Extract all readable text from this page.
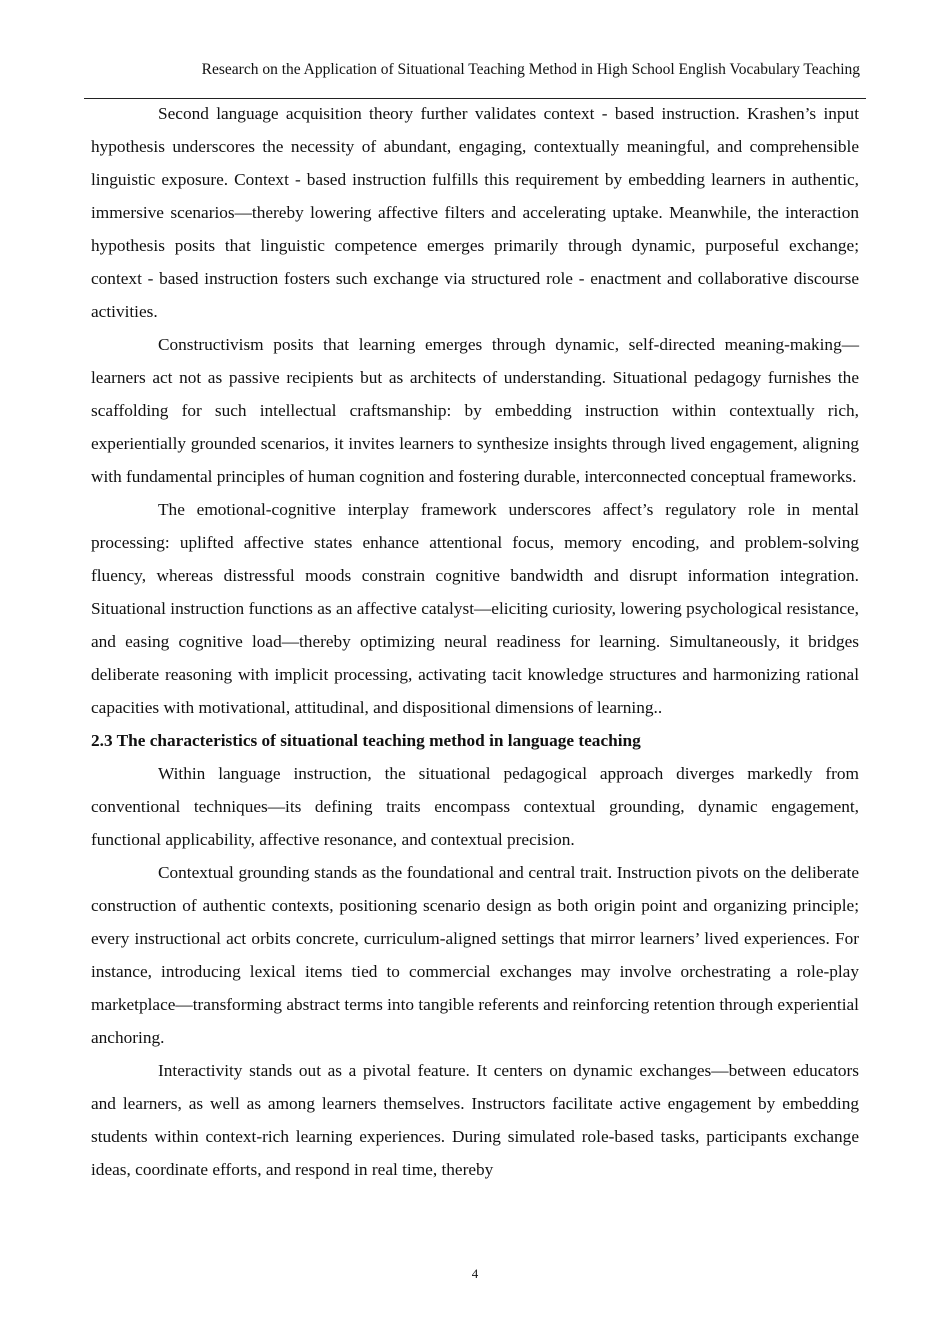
Research on the Application of Situational Teaching Method in High School English Vocabulary Teaching

Second language acquisition theory further validates context - based instruction. Krashen’s input hypothesis underscores the necessity of abundant, engaging, contextually meaningful, and comprehensible linguistic exposure. Context - based instruction fulfills this requirement by embedding learners in authentic, immersive scenarios—thereby lowering affective filters and accelerating uptake. Meanwhile, the interaction hypothesis posits that linguistic competence emerges primarily through dynamic, purposeful exchange; context - based instruction fosters such exchange via structured role - enactment and collaborative discourse activities.

Constructivism posits that learning emerges through dynamic, self-directed meaning-making—learners act not as passive recipients but as architects of understanding. Situational pedagogy furnishes the scaffolding for such intellectual craftsmanship: by embedding instruction within contextually rich, experientially grounded scenarios, it invites learners to synthesize insights through lived engagement, aligning with fundamental principles of human cognition and fostering durable, interconnected conceptual frameworks.

The emotional-cognitive interplay framework underscores affect’s regulatory role in mental processing: uplifted affective states enhance attentional focus, memory encoding, and problem-solving fluency, whereas distressful moods constrain cognitive bandwidth and disrupt information integration. Situational instruction functions as an affective catalyst—eliciting curiosity, lowering psychological resistance, and easing cognitive load—thereby optimizing neural readiness for learning. Simultaneously, it bridges deliberate reasoning with implicit processing, activating tacit knowledge structures and harmonizing rational capacities with motivational, attitudinal, and dispositional dimensions of learning..

2.3 The characteristics of situational teaching method in language teaching

Within language instruction, the situational pedagogical approach diverges markedly from conventional techniques—its defining traits encompass contextual grounding, dynamic engagement, functional applicability, affective resonance, and contextual precision.

Contextual grounding stands as the foundational and central trait. Instruction pivots on the deliberate construction of authentic contexts, positioning scenario design as both origin point and organizing principle; every instructional act orbits concrete, curriculum-aligned settings that mirror learners’ lived experiences. For instance, introducing lexical items tied to commercial exchanges may involve orchestrating a role-play marketplace—transforming abstract terms into tangible referents and reinforcing retention through experiential anchoring.

Interactivity stands out as a pivotal feature. It centers on dynamic exchanges—between educators and learners, as well as among learners themselves. Instructors facilitate active engagement by embedding students within context-rich learning experiences. During simulated role-based tasks, participants exchange ideas, coordinate efforts, and respond in real time, thereby

4
